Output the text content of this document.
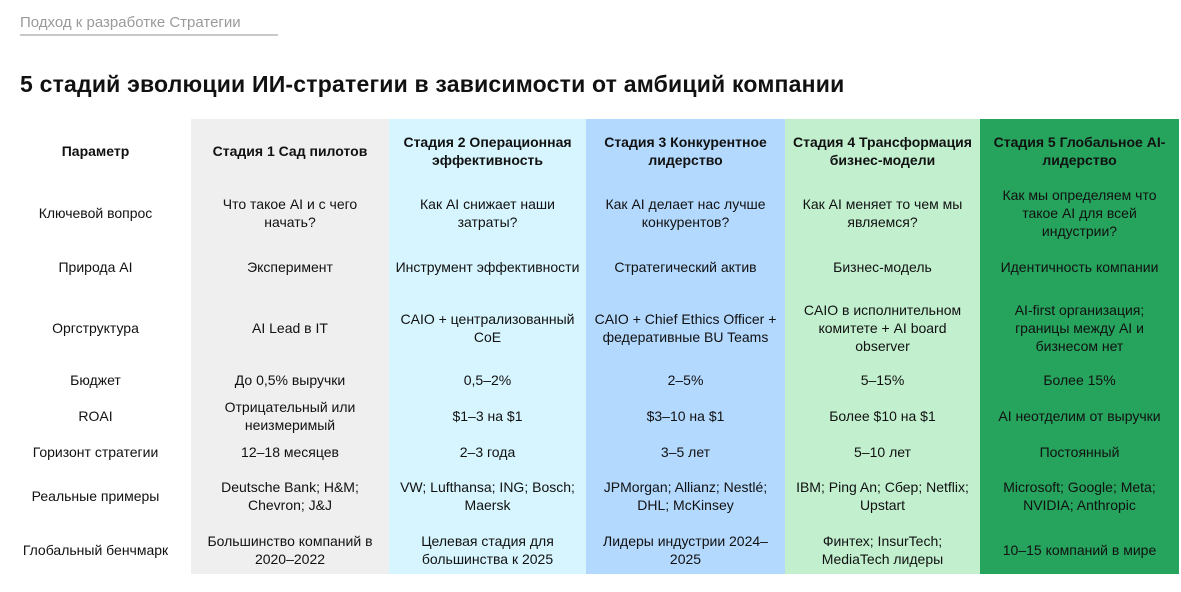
Подход к разработке Стратегии
5 стадий эволюции ИИ-стратегии в зависимости от амбиций компании
Параметр	Стадия 1 Сад пилотов	Стадия 2 Операционная эффективность	Стадия 3 Конкурентное лидерство	Стадия 4 Трансформация бизнес-модели	Стадия 5 Глобальное AI-лидерство
Ключевой вопрос	Что такое AI и с чего начать?	Как AI снижает наши затраты?	Как AI делает нас лучше конкурентов?	Как AI меняет то чем мы являемся?	Как мы определяем что такое AI для всей индустрии?
Природа AI	Эксперимент	Инструмент эффективности	Стратегический актив	Бизнес-модель	Идентичность компании
Оргструктура	AI Lead в IT	CAIO + централизованный CoE	CAIO + Chief Ethics Officer + федеративные BU Teams	CAIO в исполнительном комитете + AI board observer	AI-first организация; границы между AI и бизнесом нет
Бюджет	До 0,5% выручки	0,5–2%	2–5%	5–15%	Более 15%
ROAI	Отрицательный или неизмеримый	$1–3 на $1	$3–10 на $1	Более $10 на $1	AI неотделим от выручки
Горизонт стратегии	12–18 месяцев	2–3 года	3–5 лет	5–10 лет	Постоянный
Реальные примеры	Deutsche Bank; H&M; Chevron; J&J	VW; Lufthansa; ING; Bosch; Maersk	JPMorgan; Allianz; Nestlé; DHL; McKinsey	IBM; Ping An; Сбер; Netflix; Upstart	Microsoft; Google; Meta; NVIDIA; Anthropic
Глобальный бенчмарк	Большинство компаний в 2020–2022	Целевая стадия для большинства к 2025	Лидеры индустрии 2024–2025	Финтех; InsurTech; MediaTech лидеры	10–15 компаний в мире
